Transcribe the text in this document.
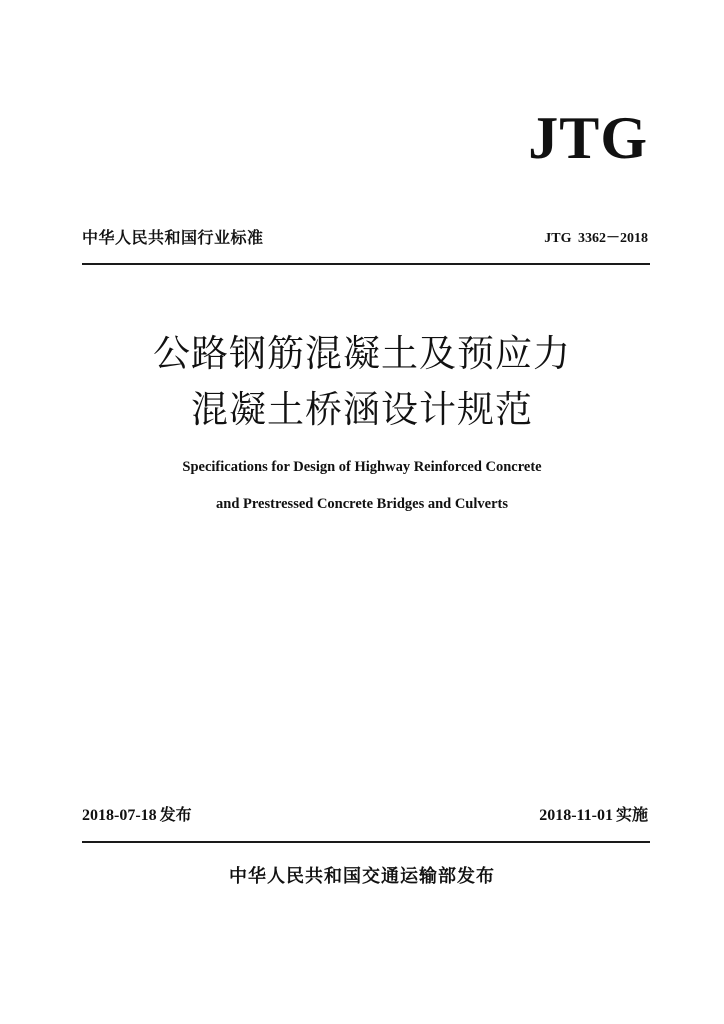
JTG
中华人民共和国行业标准	JTG 3362－2018
公路钢筋混凝土及预应力
混凝土桥涵设计规范
Specifications for Design of Highway Reinforced Concrete
and Prestressed Concrete Bridges and Culverts
2018-07-18 发布	2018-11-01 实施
中华人民共和国交通运输部发布
